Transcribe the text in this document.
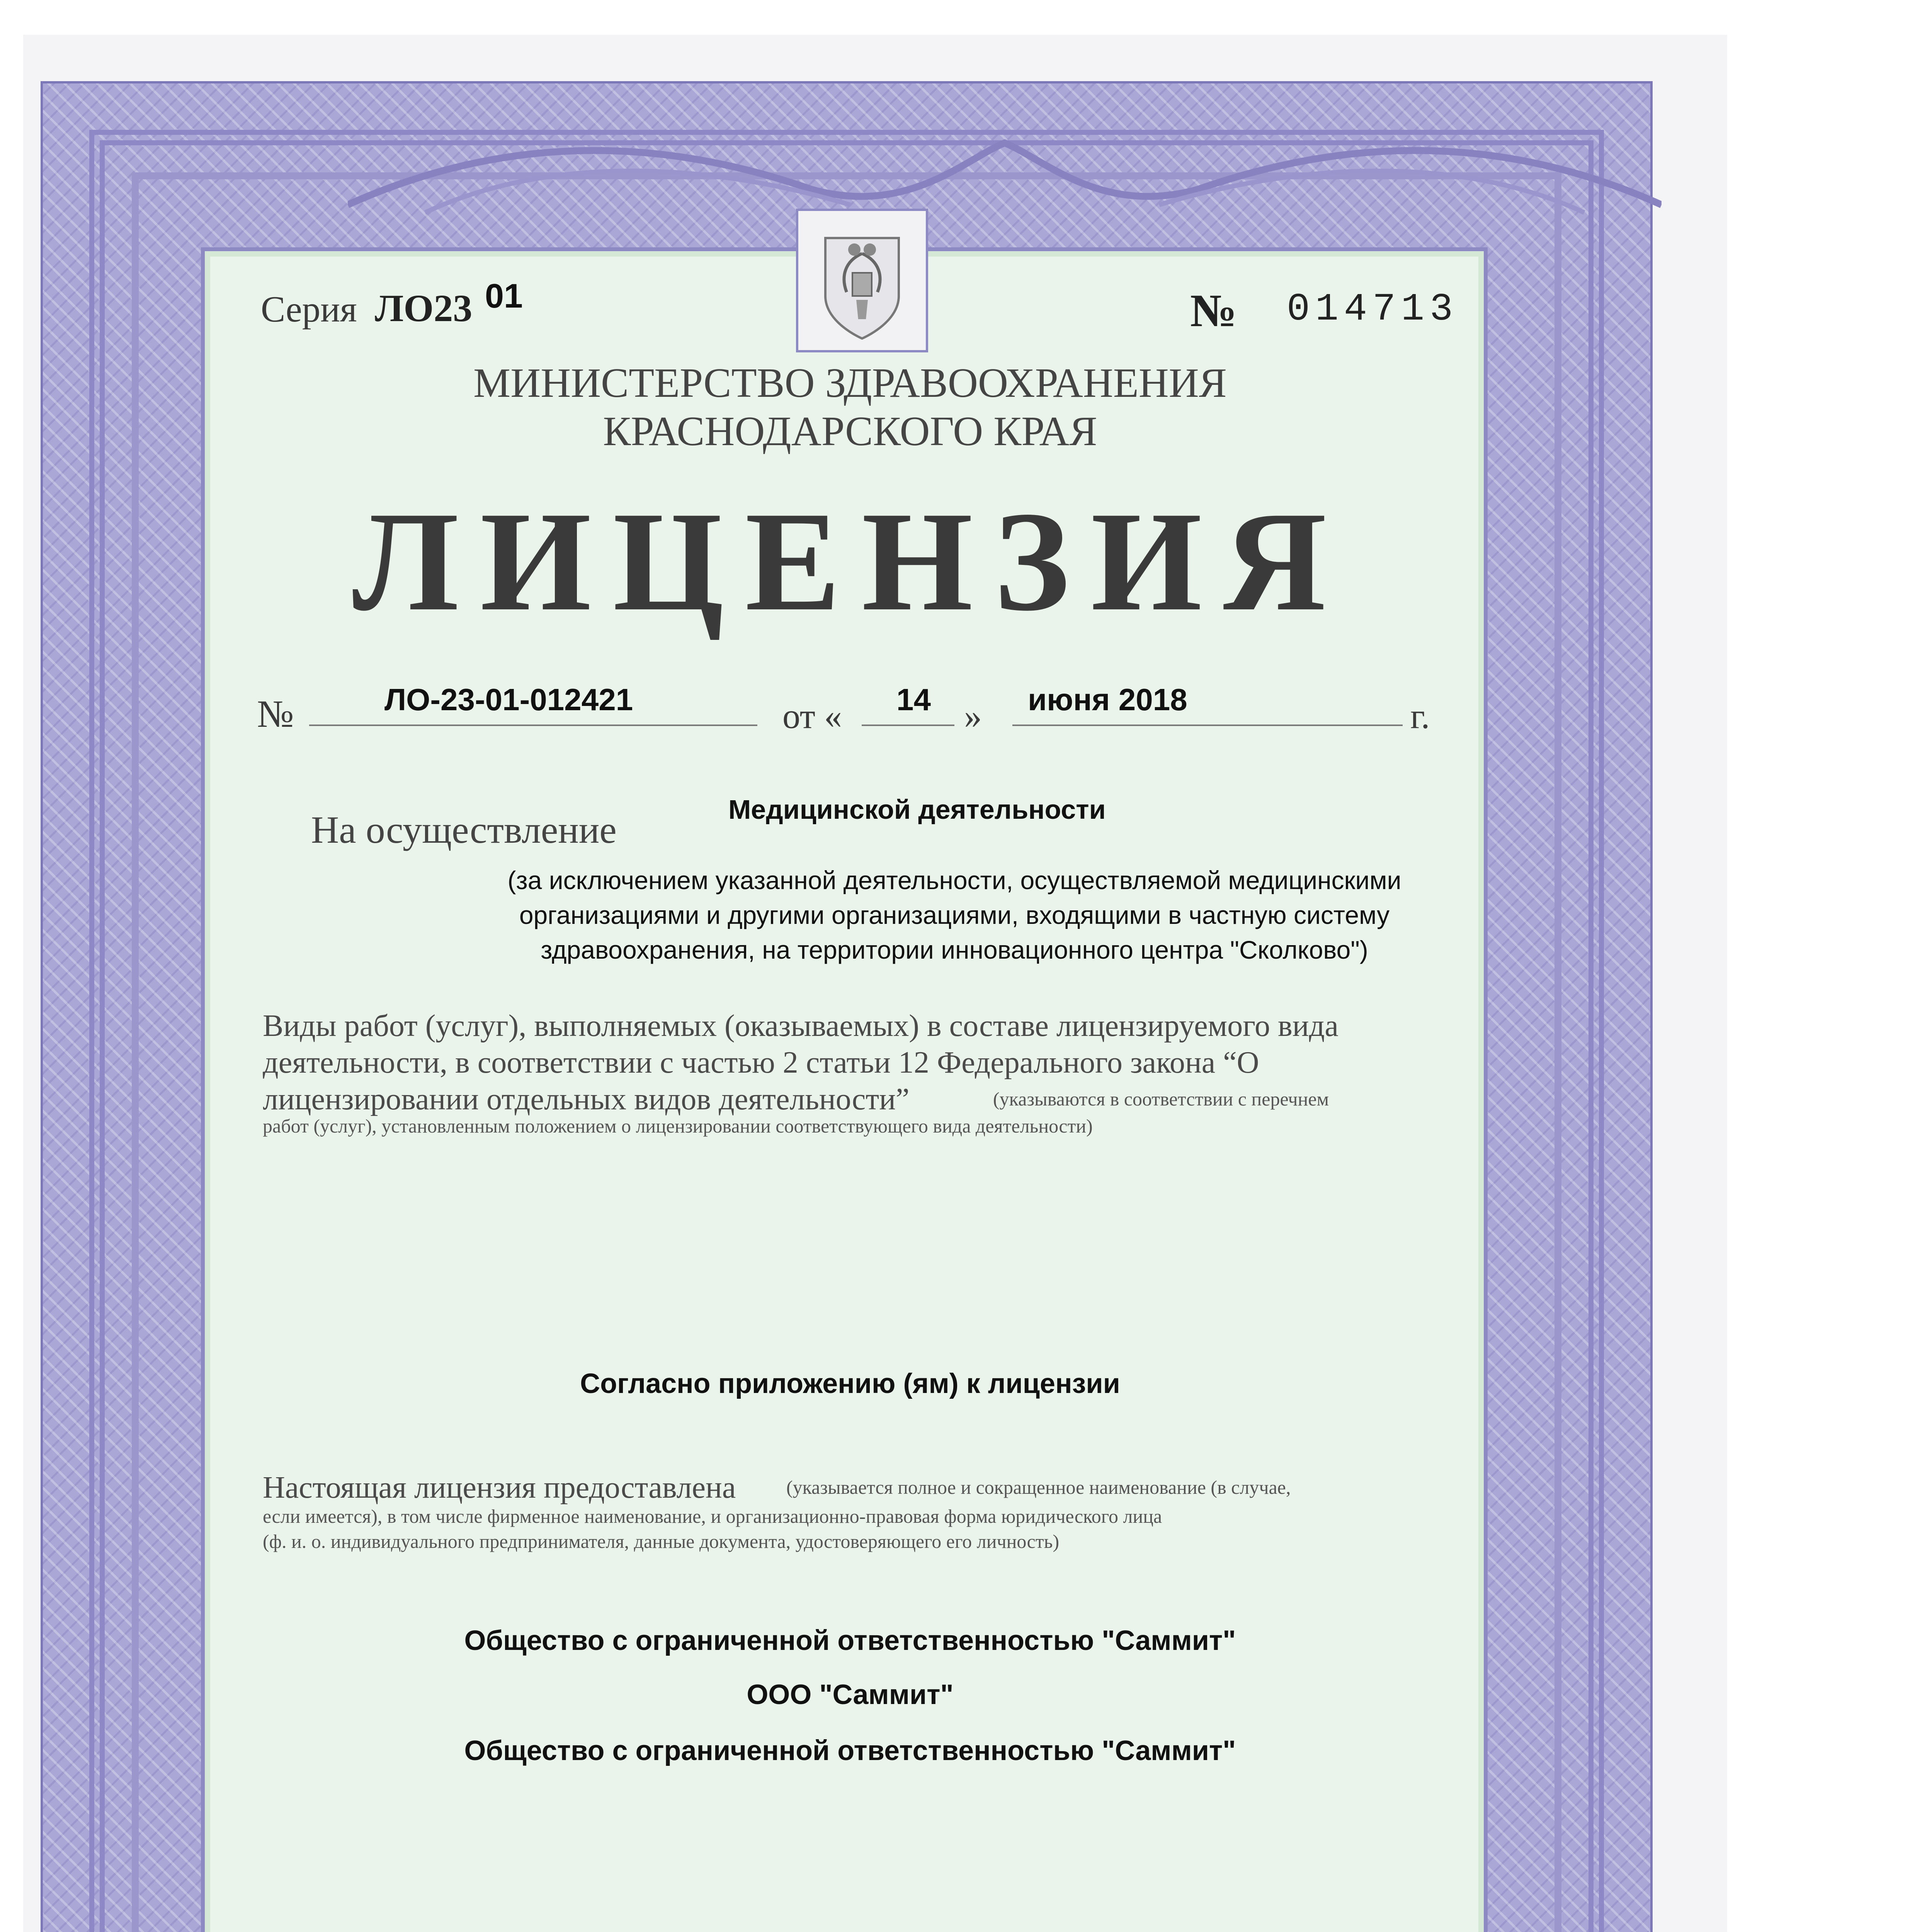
Серия ЛО23 01	№ 014713
МИНИСТЕРСТВО ЗДРАВООХРАНЕНИЯ
КРАСНОДАРСКОГО КРАЯ
ЛИЦЕНЗИЯ
№	ЛО-23-01-012421	от « 14 » июня 2018	г.
На осуществление	Медицинской деятельности
(за исключением указанной деятельности, осуществляемой медицинскими
организациями и другими организациями, входящими в частную систему
здравоохранения, на территории инновационного центра "Сколково")
Виды работ (услуг), выполняемых (оказываемых) в составе лицензируемого вида
деятельности, в соответствии с частью 2 статьи 12 Федерального закона “О
лицензировании отдельных видов деятельности”	(указываются в соответствии с перечнем
работ (услуг), установленным положением о лицензировании соответствующего вида деятельности)
Согласно приложению (ям) к лицензии
Настоящая лицензия предоставлена	(указывается полное и сокращенное наименование (в случае,
если имеется), в том числе фирменное наименование, и организационно-правовая форма юридического лица
(ф. и. о. индивидуального предпринимателя, данные документа, удостоверяющего его личность)
Общество с ограниченной ответственностью "Саммит"
ООО "Саммит"
Общество с ограниченной ответственностью "Саммит"
